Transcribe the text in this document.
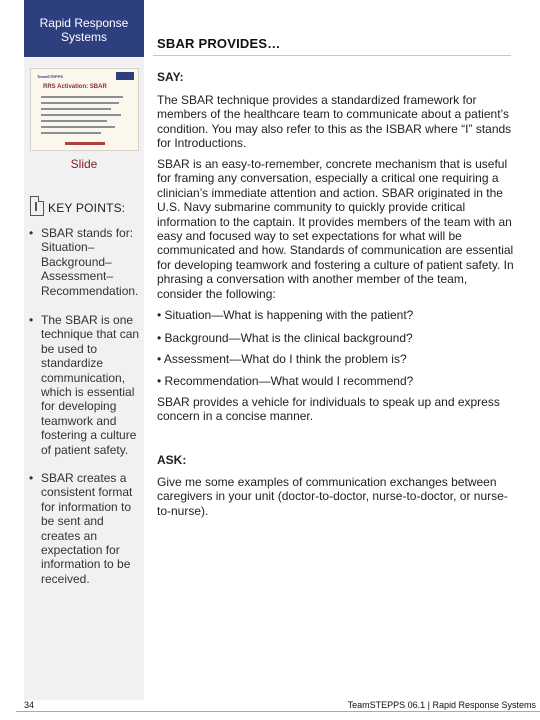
Rapid Response
Systems	SBAR PROVIDES…
TeamSTEPPS
RRS Activation: SBAR
Slide
KEY POINTS:
• SBAR stands for: Situation–Background–Assessment–Recommendation.
• The SBAR is one technique that can be used to standardize communication, which is essential for developing teamwork and fostering a culture of patient safety.
• SBAR creates a consistent format for information to be sent and creates an expectation for information to be received.
SAY:
The SBAR technique provides a standardized framework for members of the healthcare team to communicate about a patient’s condition. You may also refer to this as the ISBAR where “I” stands for Introductions.
SBAR is an easy-to-remember, concrete mechanism that is useful for framing any conversation, especially a critical one requiring a clinician’s immediate attention and action. SBAR originated in the U.S. Navy submarine community to quickly provide critical information to the captain. It provides members of the team with an easy and focused way to set expectations for what will be communicated and how. Standards of communication are essential for developing teamwork and fostering a culture of patient safety. In phrasing a conversation with another member of the team, consider the following:
• Situation—What is happening with the patient?
• Background—What is the clinical background?
• Assessment—What do I think the problem is?
• Recommendation—What would I recommend?
SBAR provides a vehicle for individuals to speak up and express concern in a concise manner.
ASK:
Give me some examples of communication exchanges between caregivers in your unit (doctor-to-doctor, nurse-to-doctor, or nurse-to-nurse).
34	TeamSTEPPS 06.1 | Rapid Response Systems
